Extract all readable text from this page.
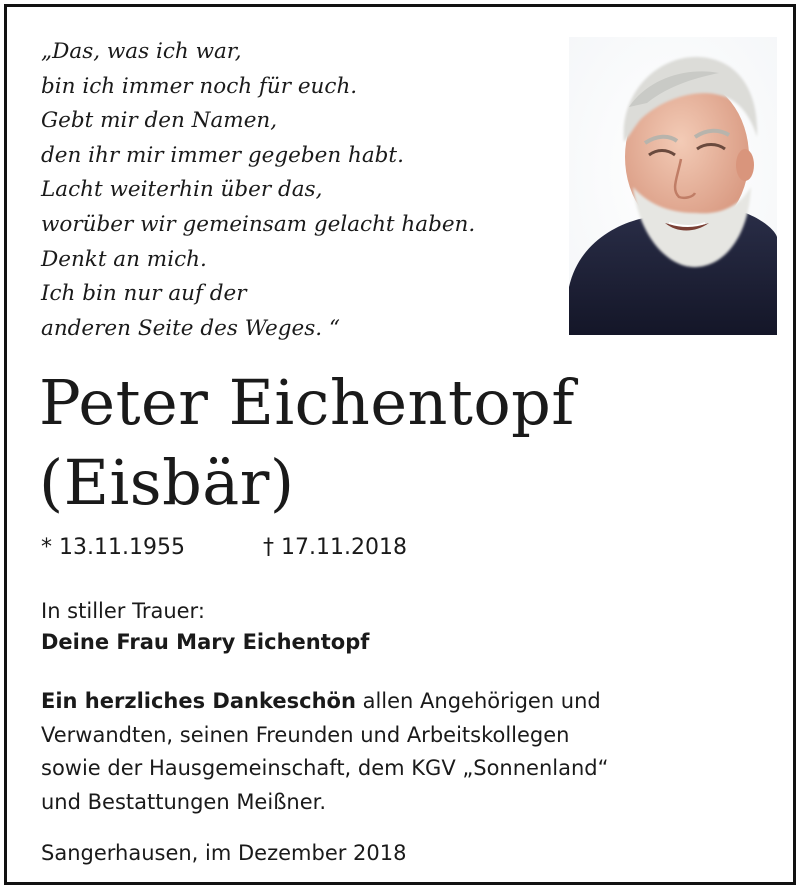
„Das, was ich war,
bin ich immer noch für euch.
Gebt mir den Namen,
den ihr mir immer gegeben habt.
Lacht weiterhin über das,
worüber wir gemeinsam gelacht haben.
Denkt an mich.
Ich bin nur auf der
anderen Seite des Weges. “
Peter Eichentopf
(Eisbär)
* 13.11.1955	† 17.11.2018
In stiller Trauer:
Deine Frau Mary Eichentopf
Ein herzliches Dankeschön allen Angehörigen und
Verwandten, seinen Freunden und Arbeitskollegen
sowie der Hausgemeinschaft, dem KGV „Sonnenland“
und Bestattungen Meißner.
Sangerhausen, im Dezember 2018
